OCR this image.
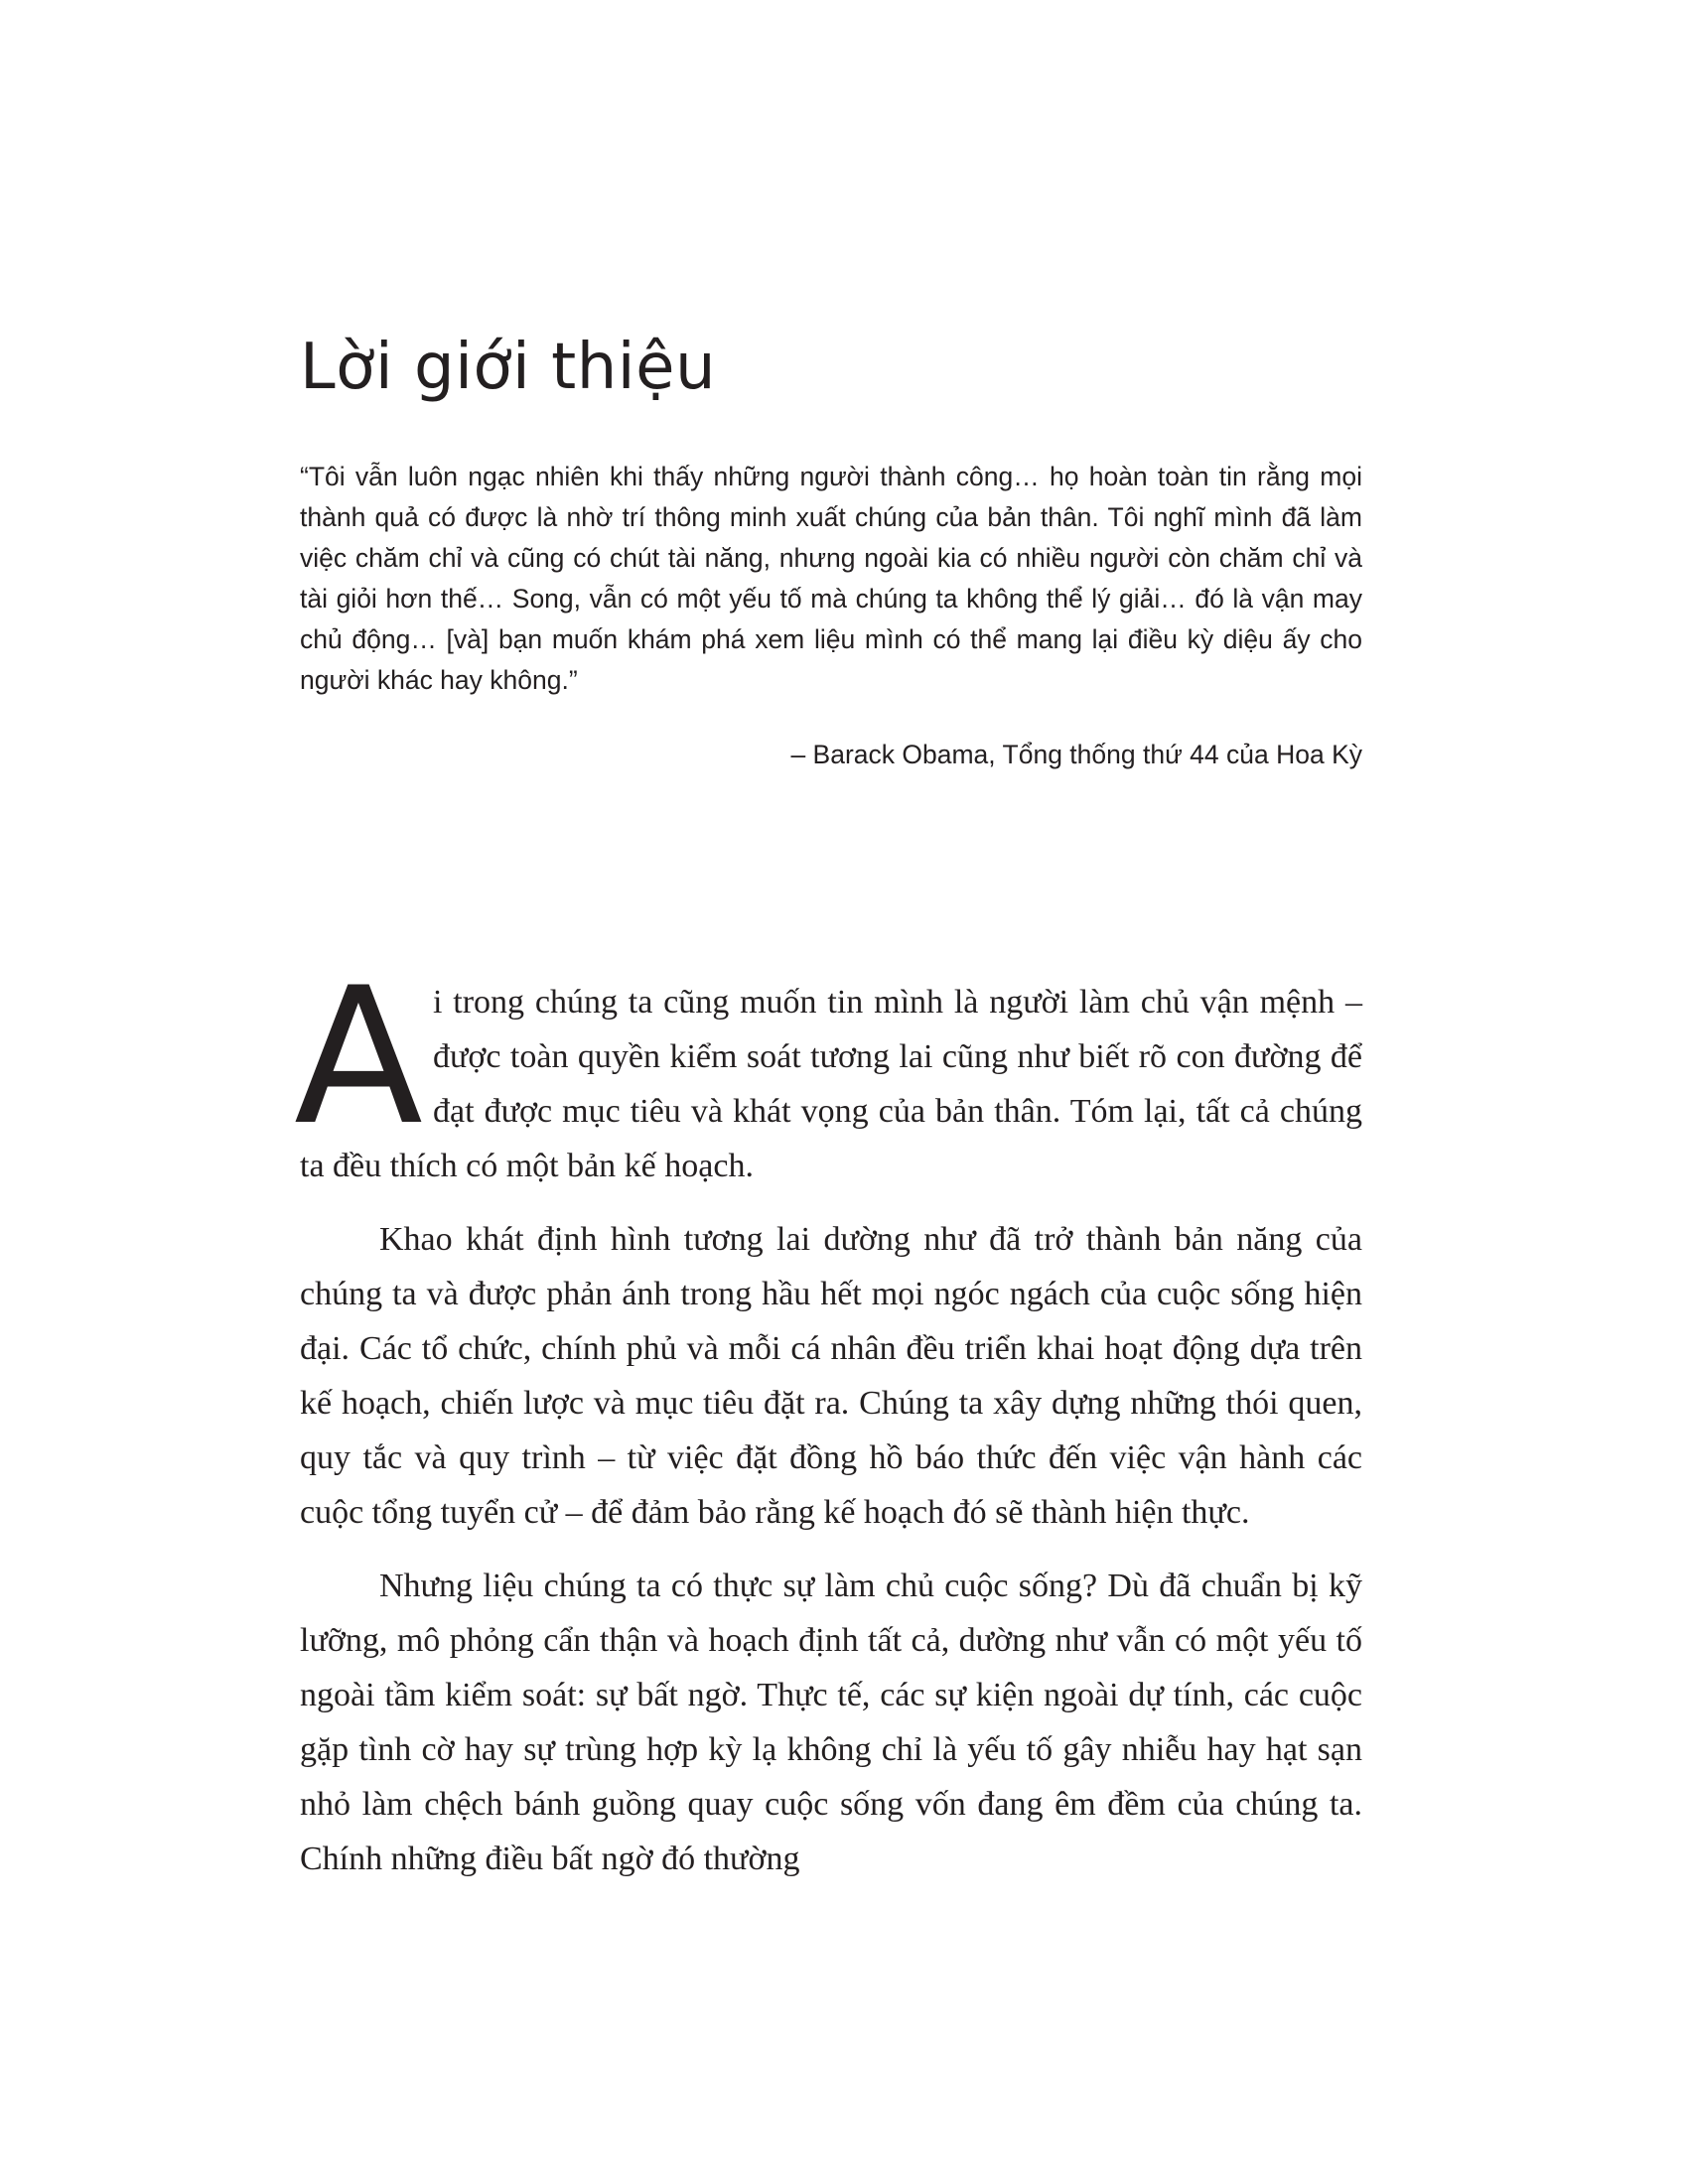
Lời giới thiệu

“Tôi vẫn luôn ngạc nhiên khi thấy những người thành công… họ hoàn toàn tin rằng mọi thành quả có được là nhờ trí thông minh xuất chúng của bản thân. Tôi nghĩ mình đã làm việc chăm chỉ và cũng có chút tài năng, nhưng ngoài kia có nhiều người còn chăm chỉ và tài giỏi hơn thế… Song, vẫn có một yếu tố mà chúng ta không thể lý giải… đó là vận may chủ động… [và] bạn muốn khám phá xem liệu mình có thể mang lại điều kỳ diệu ấy cho người khác hay không.”

– Barack Obama, Tổng thống thứ 44 của Hoa Kỳ

Ai trong chúng ta cũng muốn tin mình là người làm chủ vận mệnh – được toàn quyền kiểm soát tương lai cũng như biết rõ con đường để đạt được mục tiêu và khát vọng của bản thân. Tóm lại, tất cả chúng ta đều thích có một bản kế hoạch.

Khao khát định hình tương lai dường như đã trở thành bản năng của chúng ta và được phản ánh trong hầu hết mọi ngóc ngách của cuộc sống hiện đại. Các tổ chức, chính phủ và mỗi cá nhân đều triển khai hoạt động dựa trên kế hoạch, chiến lược và mục tiêu đặt ra. Chúng ta xây dựng những thói quen, quy tắc và quy trình – từ việc đặt đồng hồ báo thức đến việc vận hành các cuộc tổng tuyển cử – để đảm bảo rằng kế hoạch đó sẽ thành hiện thực.

Nhưng liệu chúng ta có thực sự làm chủ cuộc sống? Dù đã chuẩn bị kỹ lưỡng, mô phỏng cẩn thận và hoạch định tất cả, dường như vẫn có một yếu tố ngoài tầm kiểm soát: sự bất ngờ. Thực tế, các sự kiện ngoài dự tính, các cuộc gặp tình cờ hay sự trùng hợp kỳ lạ không chỉ là yếu tố gây nhiễu hay hạt sạn nhỏ làm chệch bánh guồng quay cuộc sống vốn đang êm đềm của chúng ta. Chính những điều bất ngờ đó thường
